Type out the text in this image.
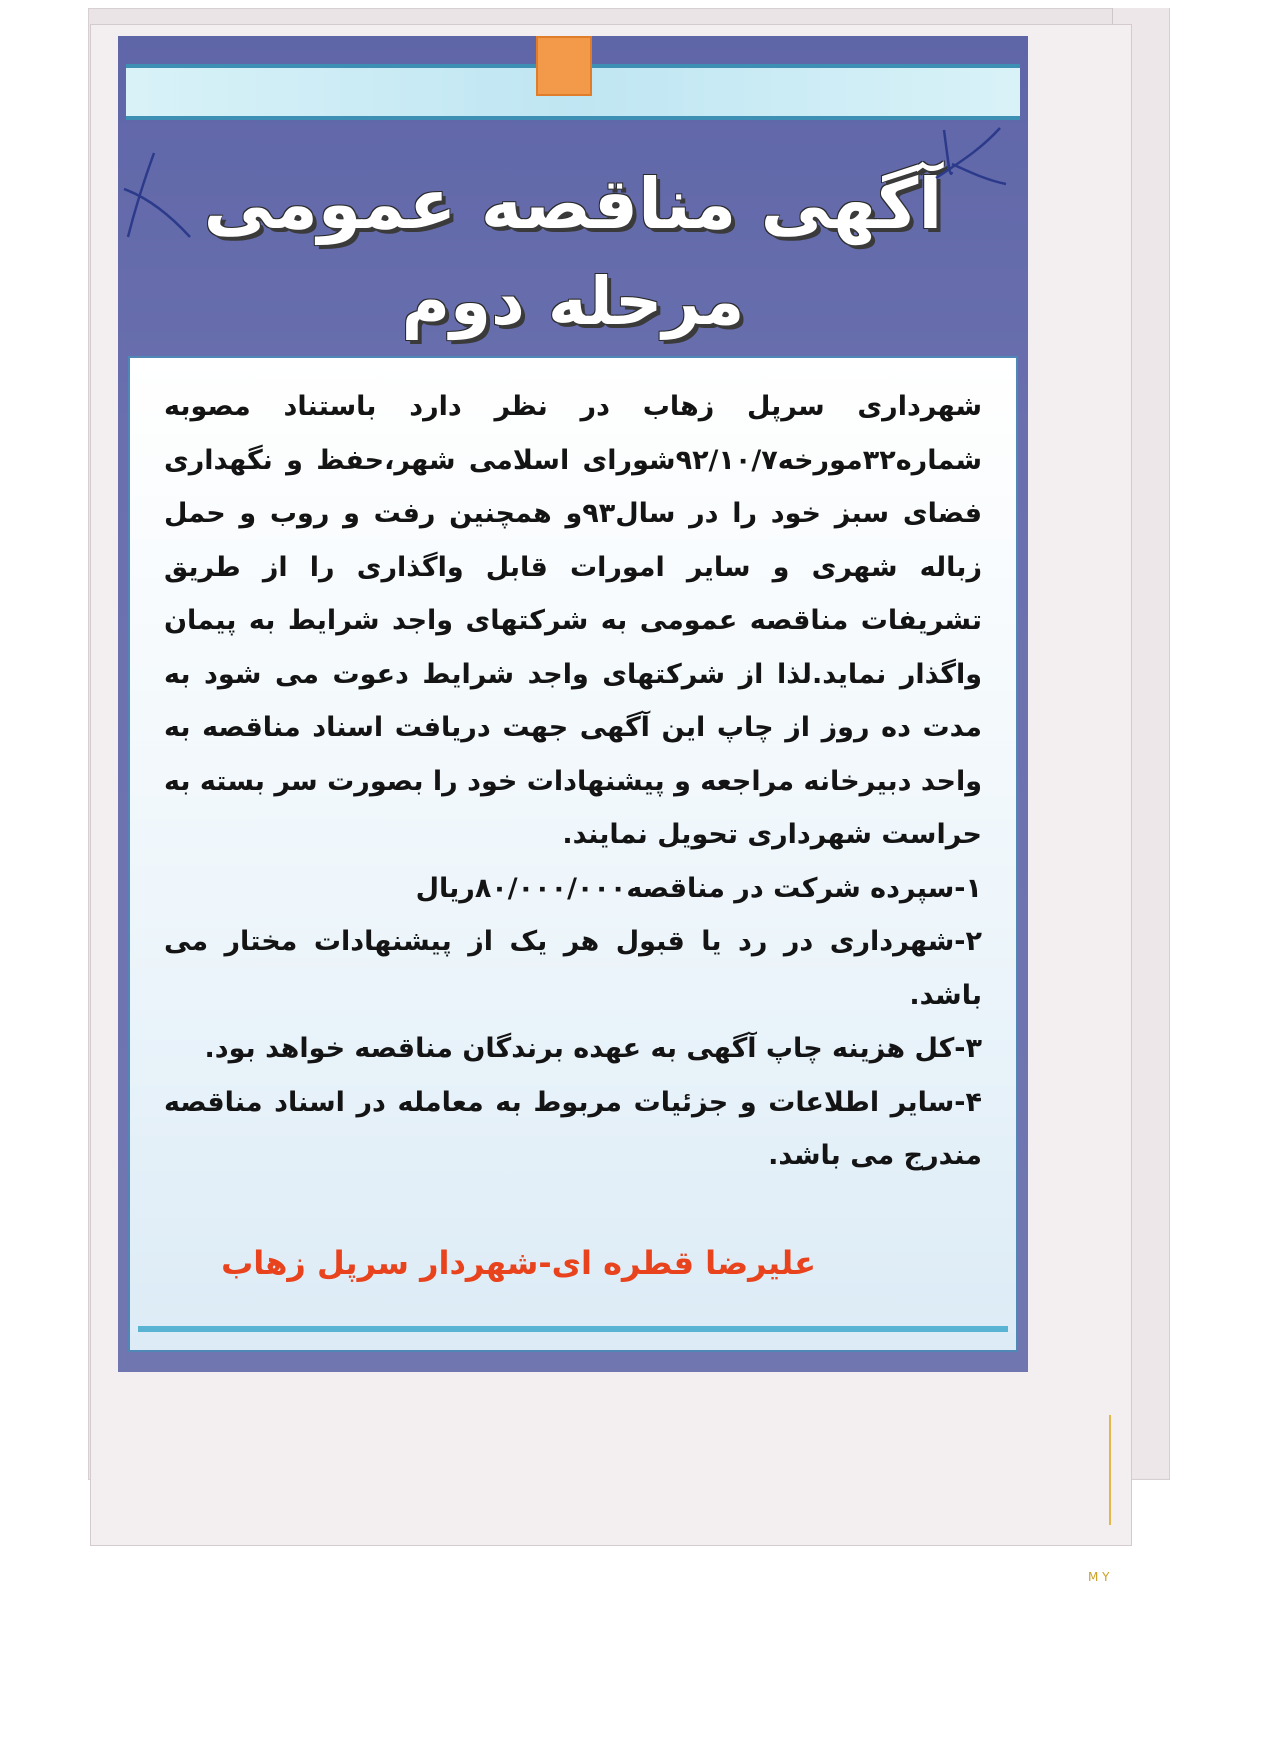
آگهی مناقصه عمومی
مرحله دوم

شهرداری سرپل زهاب در نظر دارد باستناد مصوبه شماره۳۲مورخه۹۲/۱۰/۷شورای اسلامی شهر،حفظ و نگهداری فضای سبز خود را در سال۹۳و همچنین رفت و روب و حمل زباله شهری و سایر امورات قابل واگذاری را از طریق تشریفات مناقصه عمومی به شرکتهای واجد شرایط به پیمان واگذار نماید.لذا از شرکتهای واجد شرایط دعوت می شود به مدت ده روز از چاپ این آگهی جهت دریافت اسناد مناقصه به واحد دبیرخانه مراجعه و پیشنهادات خود را بصورت سر بسته به حراست شهرداری تحویل نمایند.

۱-سپرده شرکت در مناقصه۸۰/۰۰۰/۰۰۰ریال

۲-شهرداری در رد یا قبول هر یک از پیشنهادات مختار می باشد.

۳-کل هزینه چاپ آگهی به عهده برندگان مناقصه خواهد بود.

۴-سایر اطلاعات و جزئیات مربوط به معامله در اسناد مناقصه مندرج می باشد.

علیرضا قطره ای-شهردار سرپل زهاب
M Y
